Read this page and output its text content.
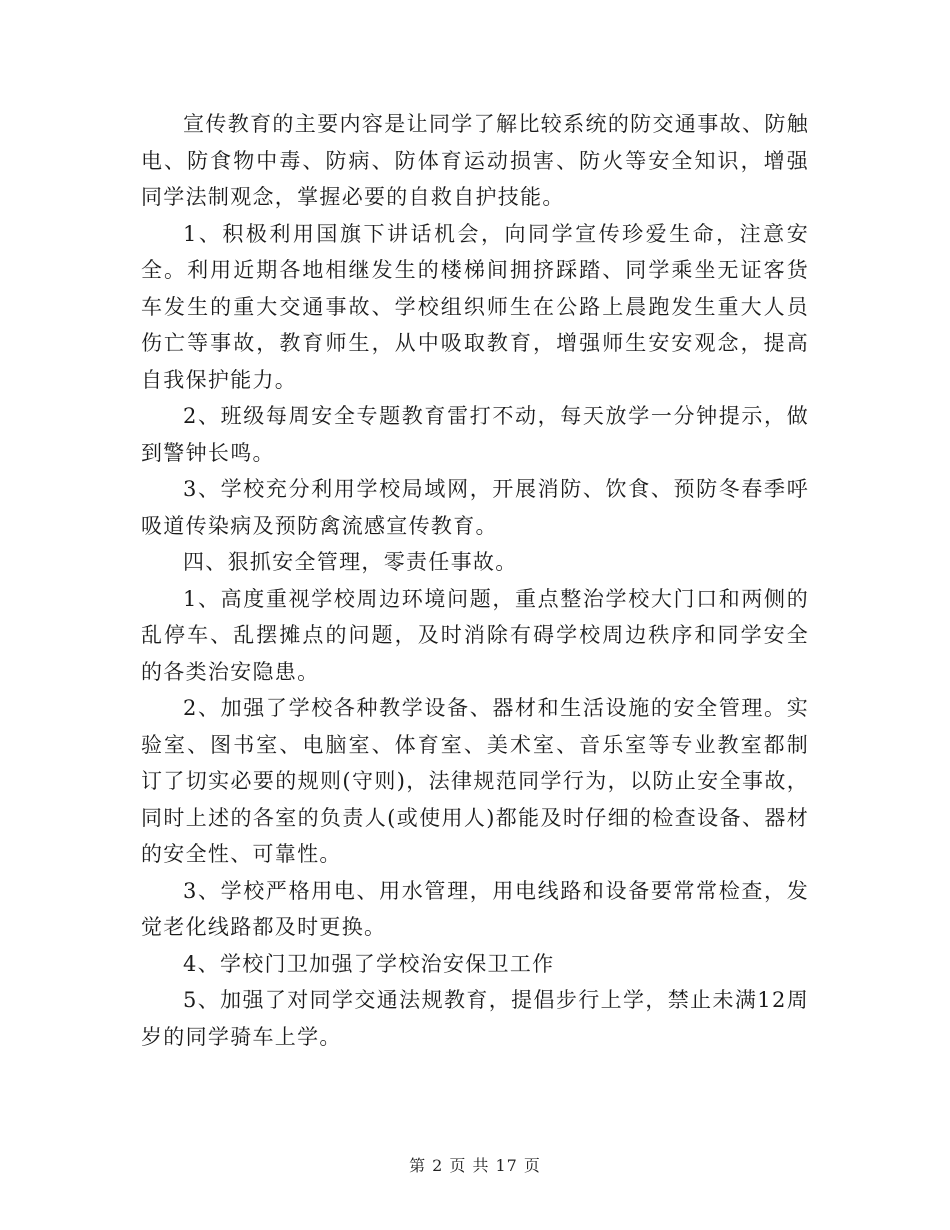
宣传教育的主要内容是让同学了解比较系统的防交通事故、防触电、防食物中毒、防病、防体育运动损害、防火等安全知识，增强同学法制观念，掌握必要的自救自护技能。

1、积极利用国旗下讲话机会，向同学宣传珍爱生命，注意安全。利用近期各地相继发生的楼梯间拥挤踩踏、同学乘坐无证客货车发生的重大交通事故、学校组织师生在公路上晨跑发生重大人员伤亡等事故，教育师生，从中吸取教育，增强师生安安观念，提高自我保护能力。

2、班级每周安全专题教育雷打不动，每天放学一分钟提示，做到警钟长鸣。

3、学校充分利用学校局域网，开展消防、饮食、预防冬春季呼吸道传染病及预防禽流感宣传教育。

四、狠抓安全管理，零责任事故。

1、高度重视学校周边环境问题，重点整治学校大门口和两侧的乱停车、乱摆摊点的问题，及时消除有碍学校周边秩序和同学安全的各类治安隐患。

2、加强了学校各种教学设备、器材和生活设施的安全管理。实验室、图书室、电脑室、体育室、美术室、音乐室等专业教室都制订了切实必要的规则(守则)，法律规范同学行为，以防止安全事故，同时上述的各室的负责人(或使用人)都能及时仔细的检查设备、器材的安全性、可靠性。

3、学校严格用电、用水管理，用电线路和设备要常常检查，发觉老化线路都及时更换。

4、学校门卫加强了学校治安保卫工作

5、加强了对同学交通法规教育，提倡步行上学，禁止未满12周岁的同学骑车上学。

第 2 页 共 17 页
